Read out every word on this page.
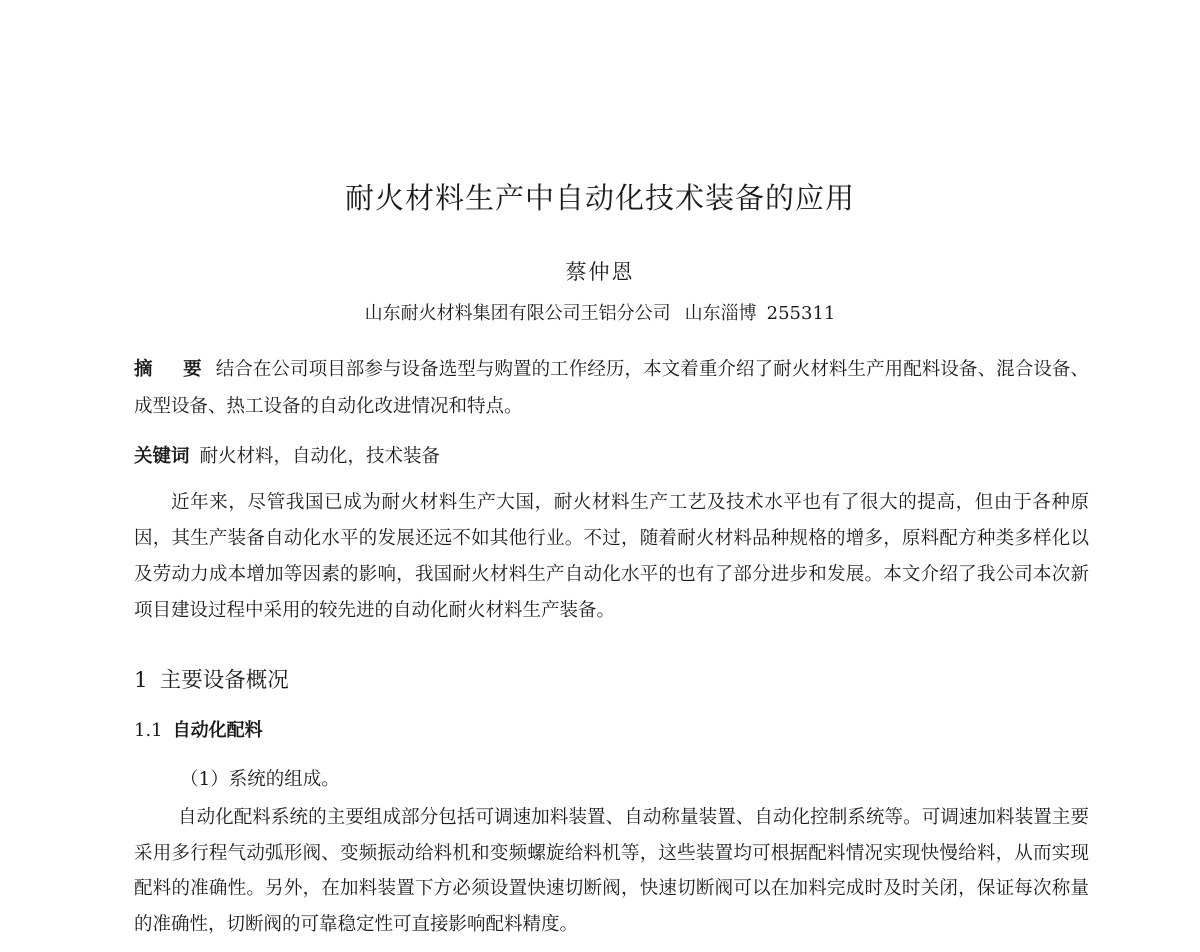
耐火材料生产中自动化技术装备的应用
蔡仲恩
山东耐火材料集团有限公司王铝分公司 山东淄博 255311
摘 要 结合在公司项目部参与设备选型与购置的工作经历，本文着重介绍了耐火材料生产用配料设备、混合设备、成型设备、热工设备的自动化改进情况和特点。
关键词 耐火材料，自动化，技术装备
近年来，尽管我国已成为耐火材料生产大国，耐火材料生产工艺及技术水平也有了很大的提高，但由于各种原因，其生产装备自动化水平的发展还远不如其他行业。不过，随着耐火材料品种规格的增多，原料配方种类多样化以及劳动力成本增加等因素的影响，我国耐火材料生产自动化水平的也有了部分进步和发展。本文介绍了我公司本次新项目建设过程中采用的较先进的自动化耐火材料生产装备。
1 主要设备概况
1.1 自动化配料
（1）系统的组成。
自动化配料系统的主要组成部分包括可调速加料装置、自动称量装置、自动化控制系统等。可调速加料装置主要采用多行程气动弧形阀、变频振动给料机和变频螺旋给料机等，这些装置均可根据配料情况实现快慢给料，从而实现配料的准确性。另外，在加料装置下方必须设置快速切断阀，快速切断阀可以在加料完成时及时关闭，保证每次称量的准确性，切断阀的可靠稳定性可直接影响配料精度。
